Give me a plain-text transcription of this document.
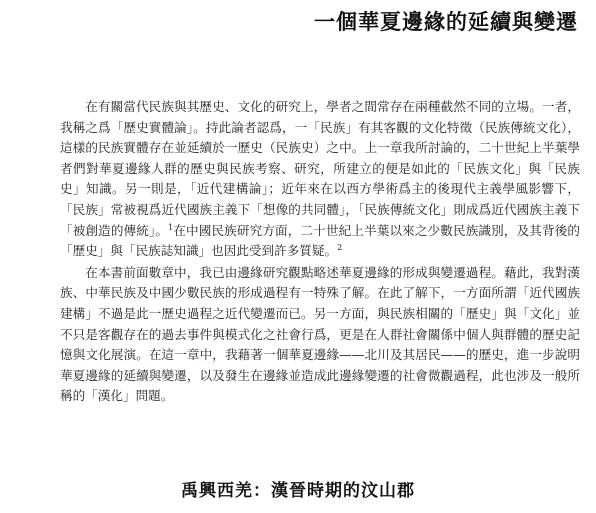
一個華夏邊緣的延續與變遷

在有關當代民族與其歷史、文化的研究上，學者之間常存在兩種截然不同的立場。一者，我稱之爲「歷史實體論」。持此論者認爲，一「民族」有其客觀的文化特徵（民族傳統文化），這樣的民族實體存在並延續於一歷史（民族史）之中。上一章我所討論的，二十世紀上半葉學者們對華夏邊緣人群的歷史與民族考察、研究，所建立的便是如此的「民族文化」與「民族史」知識。另一則是，「近代建構論」；近年來在以西方學術爲主的後現代主義學風影響下，「民族」常被視爲近代國族主義下「想像的共同體」，「民族傳統文化」則成爲近代國族主義下「被創造的傳統」。$^1$在中國民族研究方面，二十世紀上半葉以來之少數民族識別，及其背後的「歷史」與「民族誌知識」也因此受到許多質疑。$^2$

在本書前面數章中，我已由邊緣研究觀點略述華夏邊緣的形成與變遷過程。藉此，我對漢族、中華民族及中國少數民族的形成過程有一特殊了解。在此了解下，一方面所謂「近代國族建構」不過是此一歷史過程之近代變遷而已。另一方面，與民族相關的「歷史」與「文化」並不只是客觀存在的過去事件與模式化之社會行爲，更是在人群社會關係中個人與群體的歷史記憶與文化展演。在這一章中，我藉著一個華夏邊緣——北川及其居民——的歷史，進一步說明華夏邊緣的延續與變遷，以及發生在邊緣並造成此邊緣變遷的社會微觀過程，此也涉及一般所稱的「漢化」問題。

禹興西羌：漢晉時期的汶山郡
